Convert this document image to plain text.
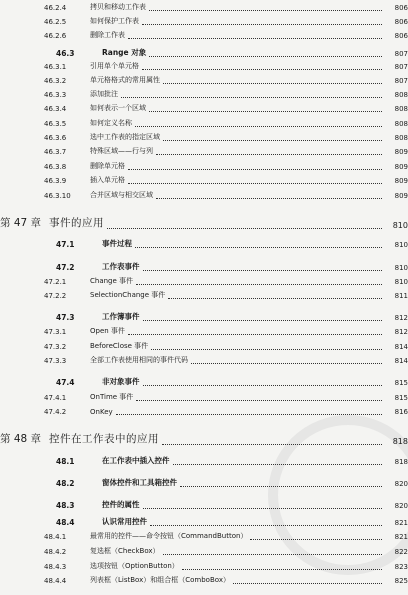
46.2.4	拷贝和移动工作表	806
46.2.5	如何保护工作表	806
46.2.6	删除工作表	806
46.3	Range 对象	807
46.3.1	引用单个单元格	807
46.3.2	单元格格式的常用属性	807
46.3.3	添加批注	808
46.3.4	如何表示一个区域	808
46.3.5	如何定义名称	808
46.3.6	选中工作表的指定区域	808
46.3.7	特殊区域——行与列	809
46.3.8	删除单元格	809
46.3.9	插入单元格	809
46.3.10	合并区域与相交区域	809
第 47 章 事件的应用	810
47.1	事件过程	810
47.2	工作表事件	810
47.2.1	Change 事件	810
47.2.2	SelectionChange 事件	811
47.3	工作簿事件	812
47.3.1	Open 事件	812
47.3.2	BeforeClose 事件	814
47.3.3	全部工作表使用相同的事件代码	814
47.4	非对象事件	815
47.4.1	OnTime 事件	815
47.4.2	OnKey	816
第 48 章 控件在工作表中的应用	818
48.1	在工作表中插入控件	818
48.2	窗体控件和工具箱控件	820
48.3	控件的属性	820
48.4	认识常用控件	821
48.4.1	最常用的控件——命令按钮（CommandButton）	821
48.4.2	复选框（CheckBox）	822
48.4.3	选项按钮（OptionButton）	823
48.4.4	列表框（ListBox）和组合框（ComboBox）	825
